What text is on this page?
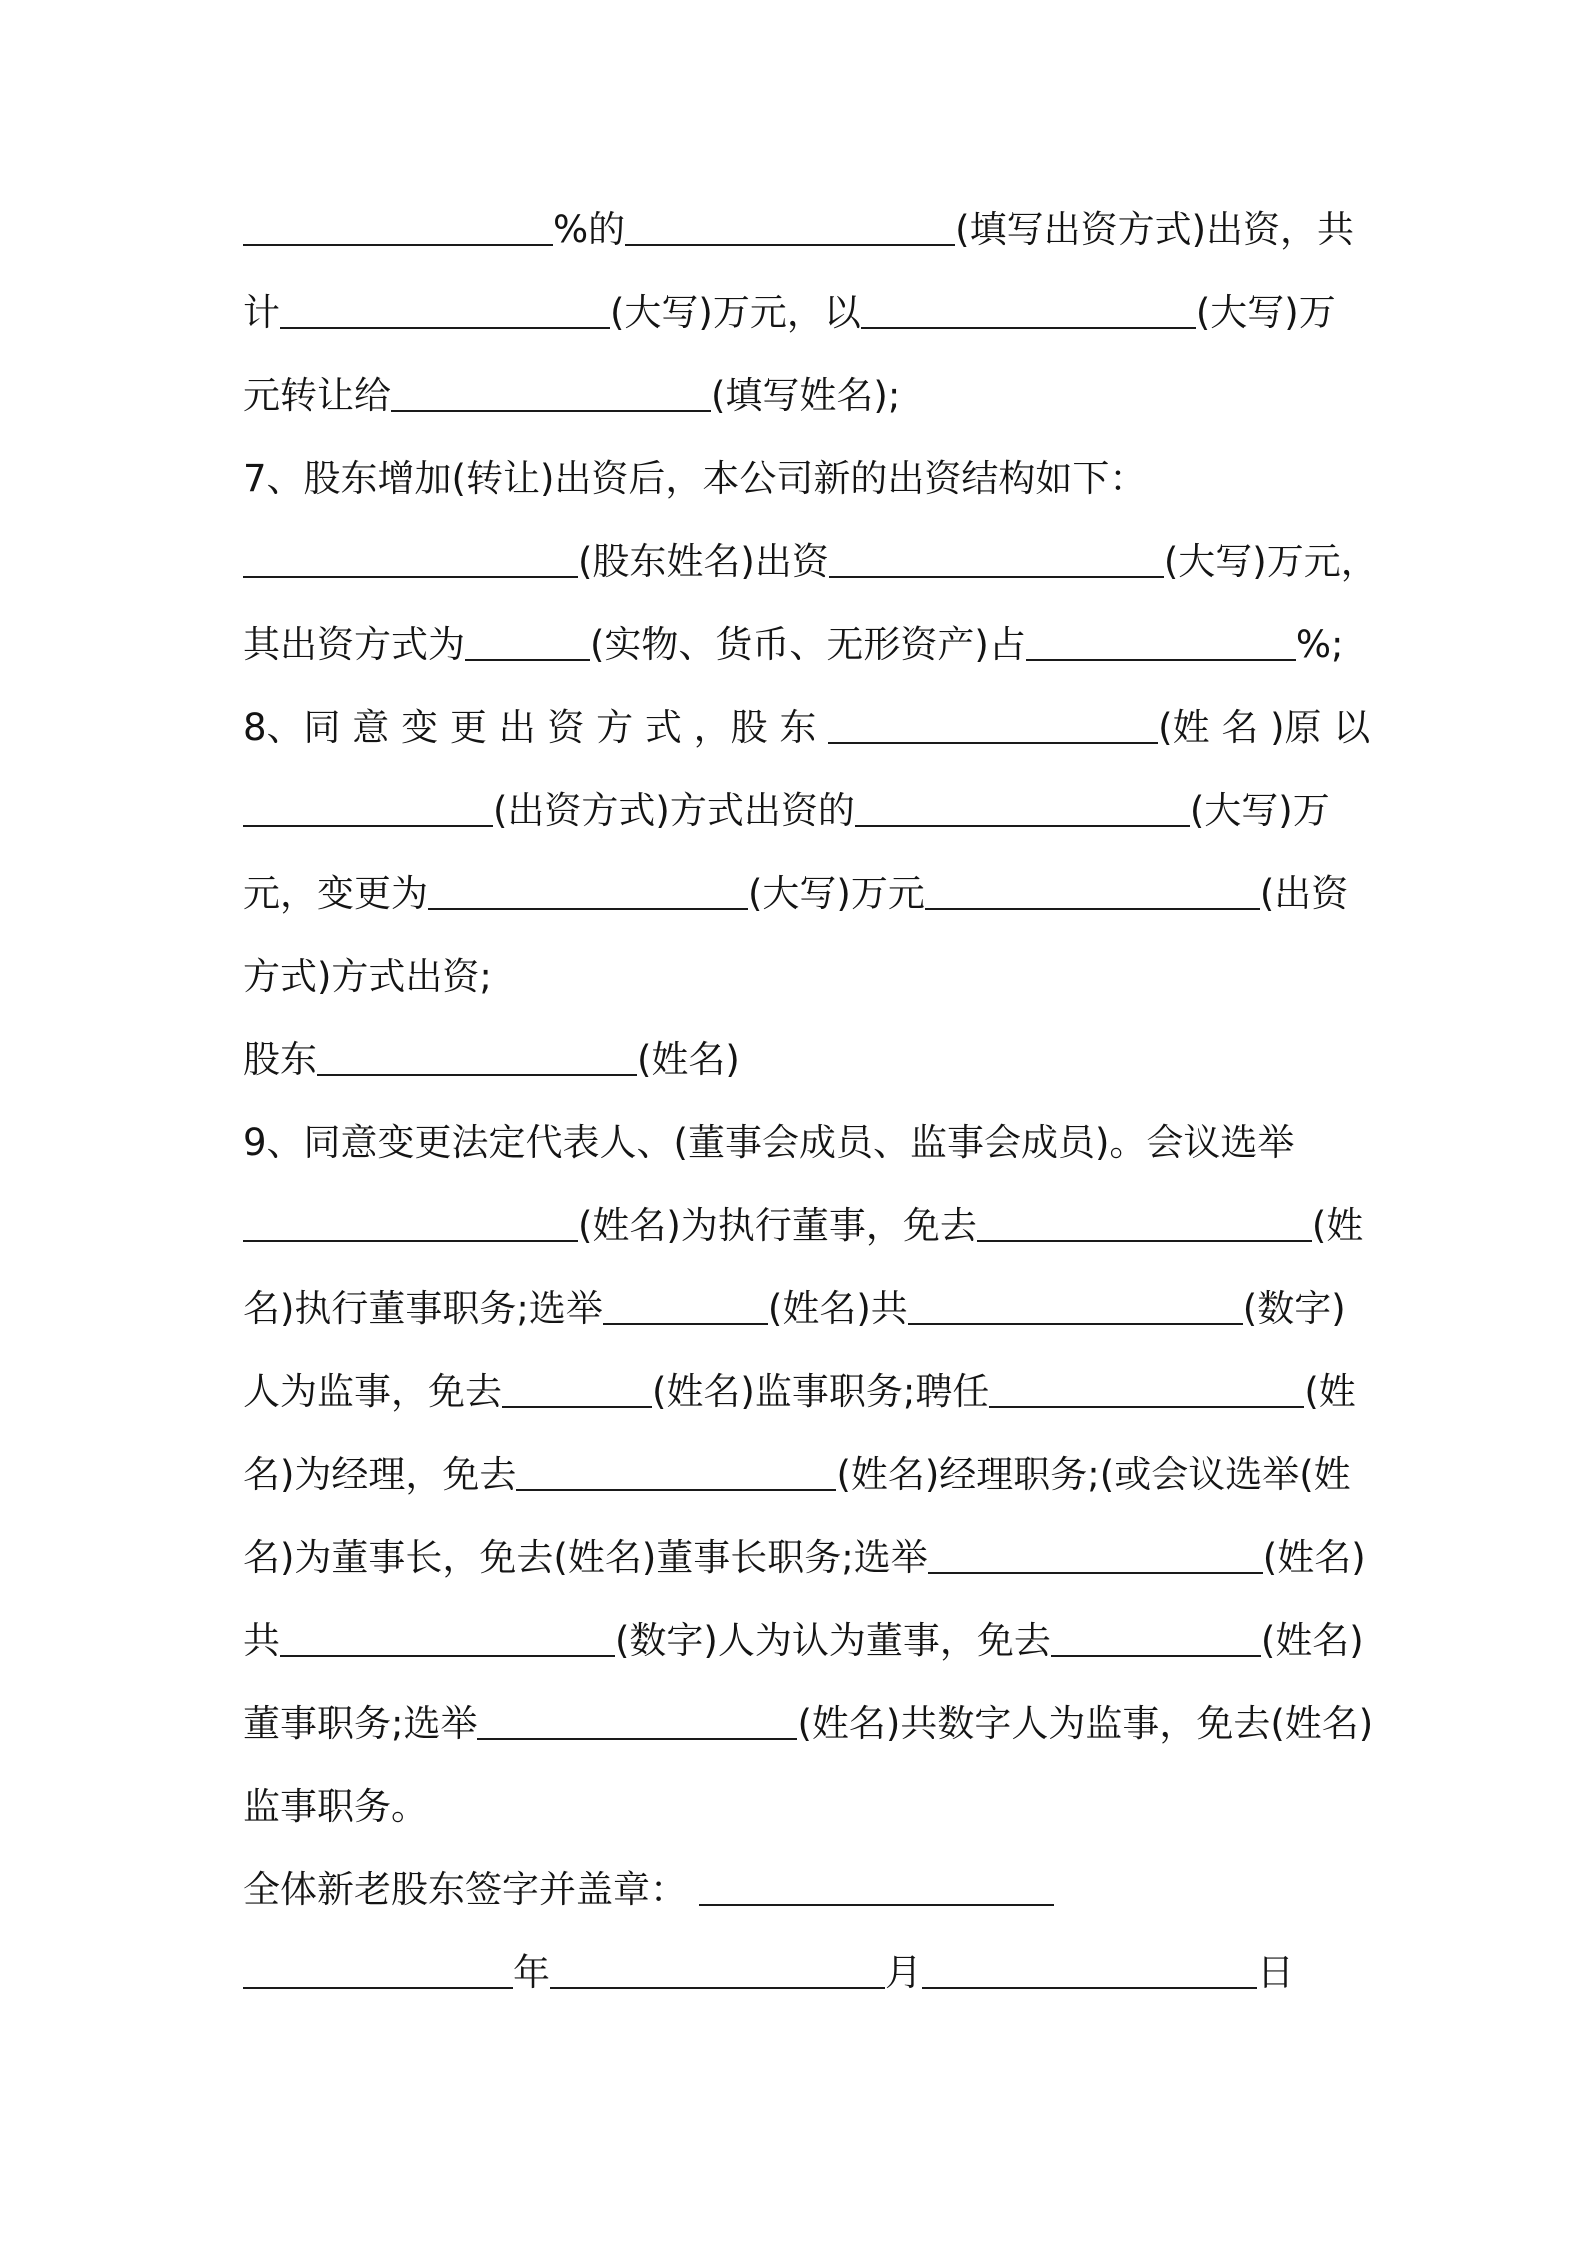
%的	(填写出资方式)出资，共
计	(大写)万元，以	(大写)万
元转让给	(填写姓名);
7、股东增加(转让)出资后，本公司新的出资结构如下：
(股东姓名)出资	(大写)万元，
其出资方式为	(实物、货币、无形资产)占	%;
8、同 意 变 更 出 资 方 式 ，股 东	(姓 名 )原 以
(出资方式)方式出资的	(大写)万
元，变更为	(大写)万元	(出资
方式)方式出资;
股东	(姓名)
9、同意变更法定代表人、(董事会成员、监事会成员)。会议选举
(姓名)为执行董事，免去	(姓
名)执行董事职务;选举	(姓名)共	(数字)
人为监事，免去	(姓名)监事职务;聘任	(姓
名)为经理，免去	(姓名)经理职务;(或会议选举(姓
名)为董事长，免去(姓名)董事长职务;选举	(姓名)
共	(数字)人为认为董事，免去	(姓名)
董事职务;选举	(姓名)共数字人为监事，免去(姓名)
监事职务。
全体新老股东签字并盖章：
年	月	日
